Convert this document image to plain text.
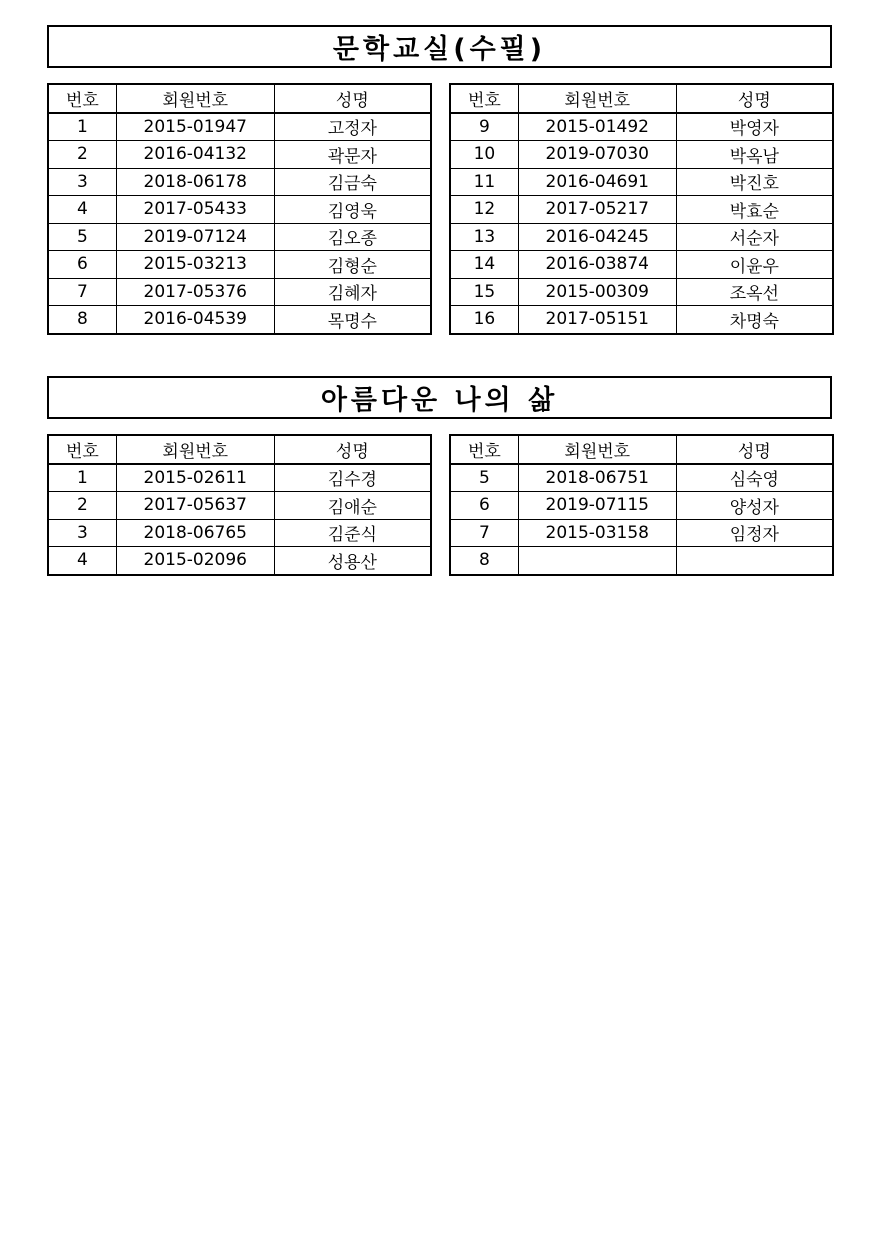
문학교실(수필)
번호	회원번호	성명
1	2015-01947	고정자
2	2016-04132	곽문자
3	2018-06178	김금숙
4	2017-05433	김영욱
5	2019-07124	김오종
6	2015-03213	김형순
7	2017-05376	김혜자
8	2016-04539	목명수
번호	회원번호	성명
9	2015-01492	박영자
10	2019-07030	박옥남
11	2016-04691	박진호
12	2017-05217	박효순
13	2016-04245	서순자
14	2016-03874	이윤우
15	2015-00309	조옥선
16	2017-05151	차명숙
아름다운 나의 삶
번호	회원번호	성명
1	2015-02611	김수경
2	2017-05637	김애순
3	2018-06765	김준식
4	2015-02096	성용산
번호	회원번호	성명
5	2018-06751	심숙영
6	2019-07115	양성자
7	2015-03158	임정자
8		
